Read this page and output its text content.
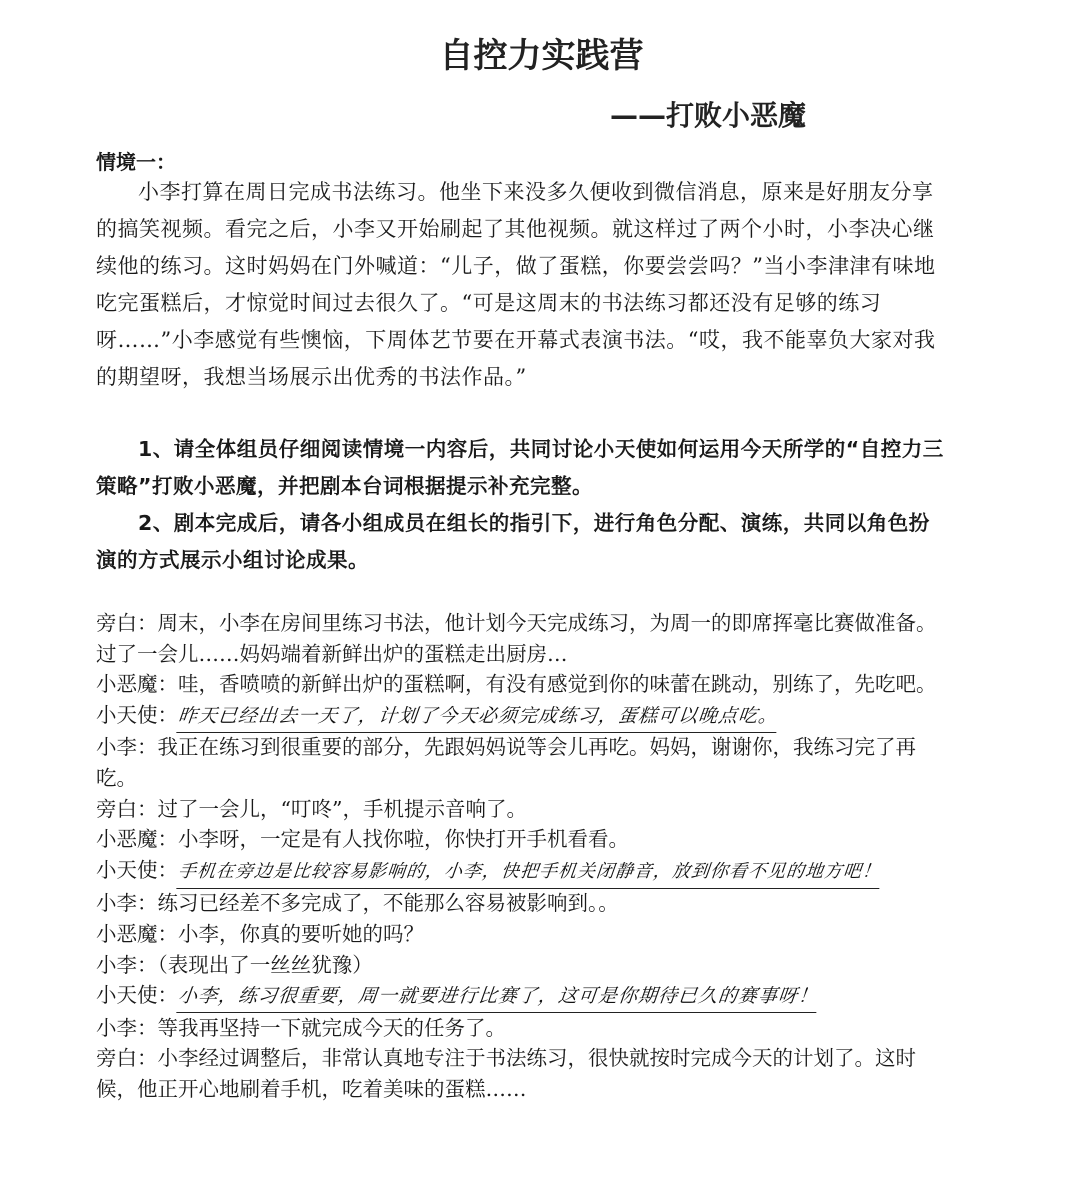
自控力实践营
——打败小恶魔
情境一：
小李打算在周日完成书法练习。他坐下来没多久便收到微信消息，原来是好朋友分享的搞笑视频。看完之后，小李又开始刷起了其他视频。就这样过了两个小时，小李决心继续他的练习。这时妈妈在门外喊道：“儿子，做了蛋糕，你要尝尝吗？”当小李津津有味地吃完蛋糕后，才惊觉时间过去很久了。“可是这周末的书法练习都还没有足够的练习呀……”小李感觉有些懊恼，下周体艺节要在开幕式表演书法。“哎，我不能辜负大家对我的期望呀，我想当场展示出优秀的书法作品。”
1、请全体组员仔细阅读情境一内容后，共同讨论小天使如何运用今天所学的“自控力三策略”打败小恶魔，并把剧本台词根据提示补充完整。
2、剧本完成后，请各小组成员在组长的指引下，进行角色分配、演练，共同以角色扮演的方式展示小组讨论成果。
旁白：周末，小李在房间里练习书法，他计划今天完成练习，为周一的即席挥毫比赛做准备。过了一会儿……妈妈端着新鲜出炉的蛋糕走出厨房…
小恶魔：哇，香喷喷的新鲜出炉的蛋糕啊，有没有感觉到你的味蕾在跳动，别练了，先吃吧。
小天使：昨天已经出去一天了，计划了今天必须完成练习，蛋糕可以晚点吃。
小李：我正在练习到很重要的部分，先跟妈妈说等会儿再吃。妈妈，谢谢你，我练习完了再吃。
旁白：过了一会儿，“叮咚”，手机提示音响了。
小恶魔：小李呀，一定是有人找你啦，你快打开手机看看。
小天使：手机在旁边是比较容易影响的，小李，快把手机关闭静音，放到你看不见的地方吧！
小李：练习已经差不多完成了，不能那么容易被影响到。。
小恶魔：小李，你真的要听她的吗？
小李：（表现出了一丝丝犹豫）
小天使：小李，练习很重要，周一就要进行比赛了，这可是你期待已久的赛事呀！
小李：等我再坚持一下就完成今天的任务了。
旁白：小李经过调整后，非常认真地专注于书法练习，很快就按时完成今天的计划了。这时候，他正开心地刷着手机，吃着美味的蛋糕……
